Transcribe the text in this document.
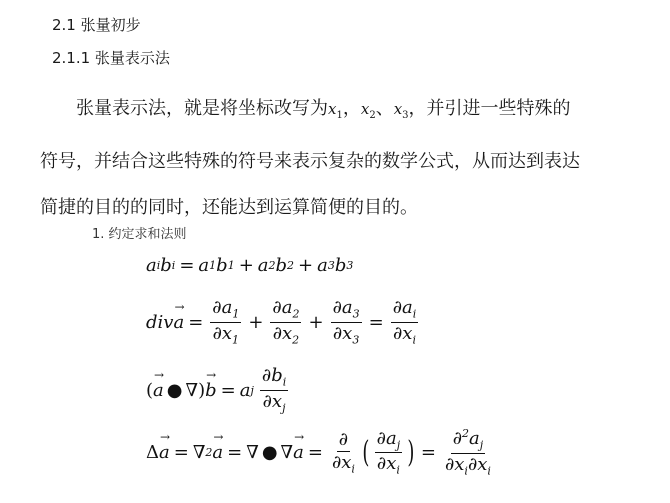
2.1 张量初步
2.1.1 张量表示法
张量表示法，就是将坐标改写为$x_1$，$x_2$、$x_3$，并引进一些特殊的
符号，并结合这些特殊的符号来表示复杂的数学公式，从而达到表达
简捷的目的的同时，还能达到运算简便的目的。
1. 约定求和法则
a i b i = a 1 b 1 + a 2 b 2 + a 3 b 3
div → $a = \frac{\partial a_1}{\partial x_1} + \frac{\partial a_2}{\partial x_2} + \frac{\partial a_3}{\partial x_3} = \frac{\partial a_i}{\partial x_i}$
( → a ● ∇ ) → b = a j $\frac{\partial b_i}{\partial x_j}$
Δ → a = ∇ 2 → a = ∇ ● ∇ → $a = \frac{\partial}{\partial x_i}$ ( $\frac{\partial a_j}{\partial x_i}$ ) = $\frac{\partial^2a_j}{\partial x_i\partial x_i}$
